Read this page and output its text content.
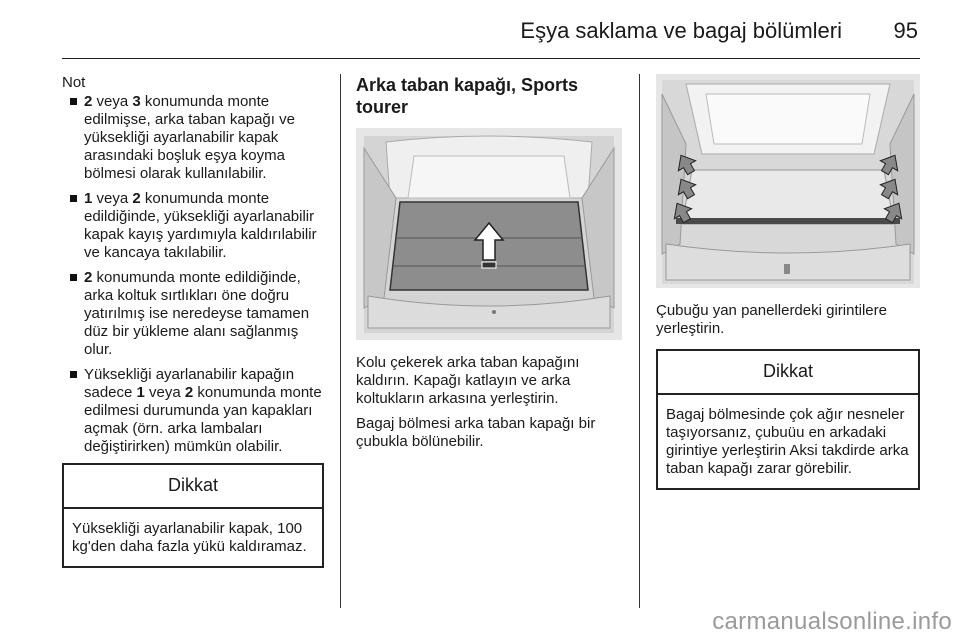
Eşya saklama ve bagaj bölümleri 95
Not
2 veya 3 konumunda monte edilmişse, arka taban kapağı ve yüksekliği ayarlanabilir kapak arasındaki boşluk eşya koyma bölmesi olarak kullanılabilir.
1 veya 2 konumunda monte edildiğinde, yüksekliği ayarlanabilir kapak kayış yardımıyla kaldırılabilir ve kancaya takılabilir.
2 konumunda monte edildiğinde, arka koltuk sırtlıkları öne doğru yatırılmış ise neredeyse tamamen düz bir yükleme alanı sağlanmış olur.
Yüksekliği ayarlanabilir kapağın sadece 1 veya 2 konumunda monte edilmesi durumunda yan kapakları açmak (örn. arka lambaları değiştirirken) mümkün olabilir.
Dikkat
Yüksekliği ayarlanabilir kapak, 100 kg'den daha fazla yükü kaldıramaz.
Arka taban kapağı, Sports tourer

Kolu çekerek arka taban kapağını kaldırın. Kapağı katlayın ve arka koltukların arkasına yerleştirin.

Bagaj bölmesi arka taban kapağı bir çubukla bölünebilir.

Çubuğu yan panellerdeki girintilere yerleştirin.

Dikkat
Bagaj bölmesinde çok ağır nesneler taşıyorsanız, çubuüu en arkadaki girintiye yerleştirin Aksi takdirde arka taban kapağı zarar görebilir.
carmanualsonline.info
